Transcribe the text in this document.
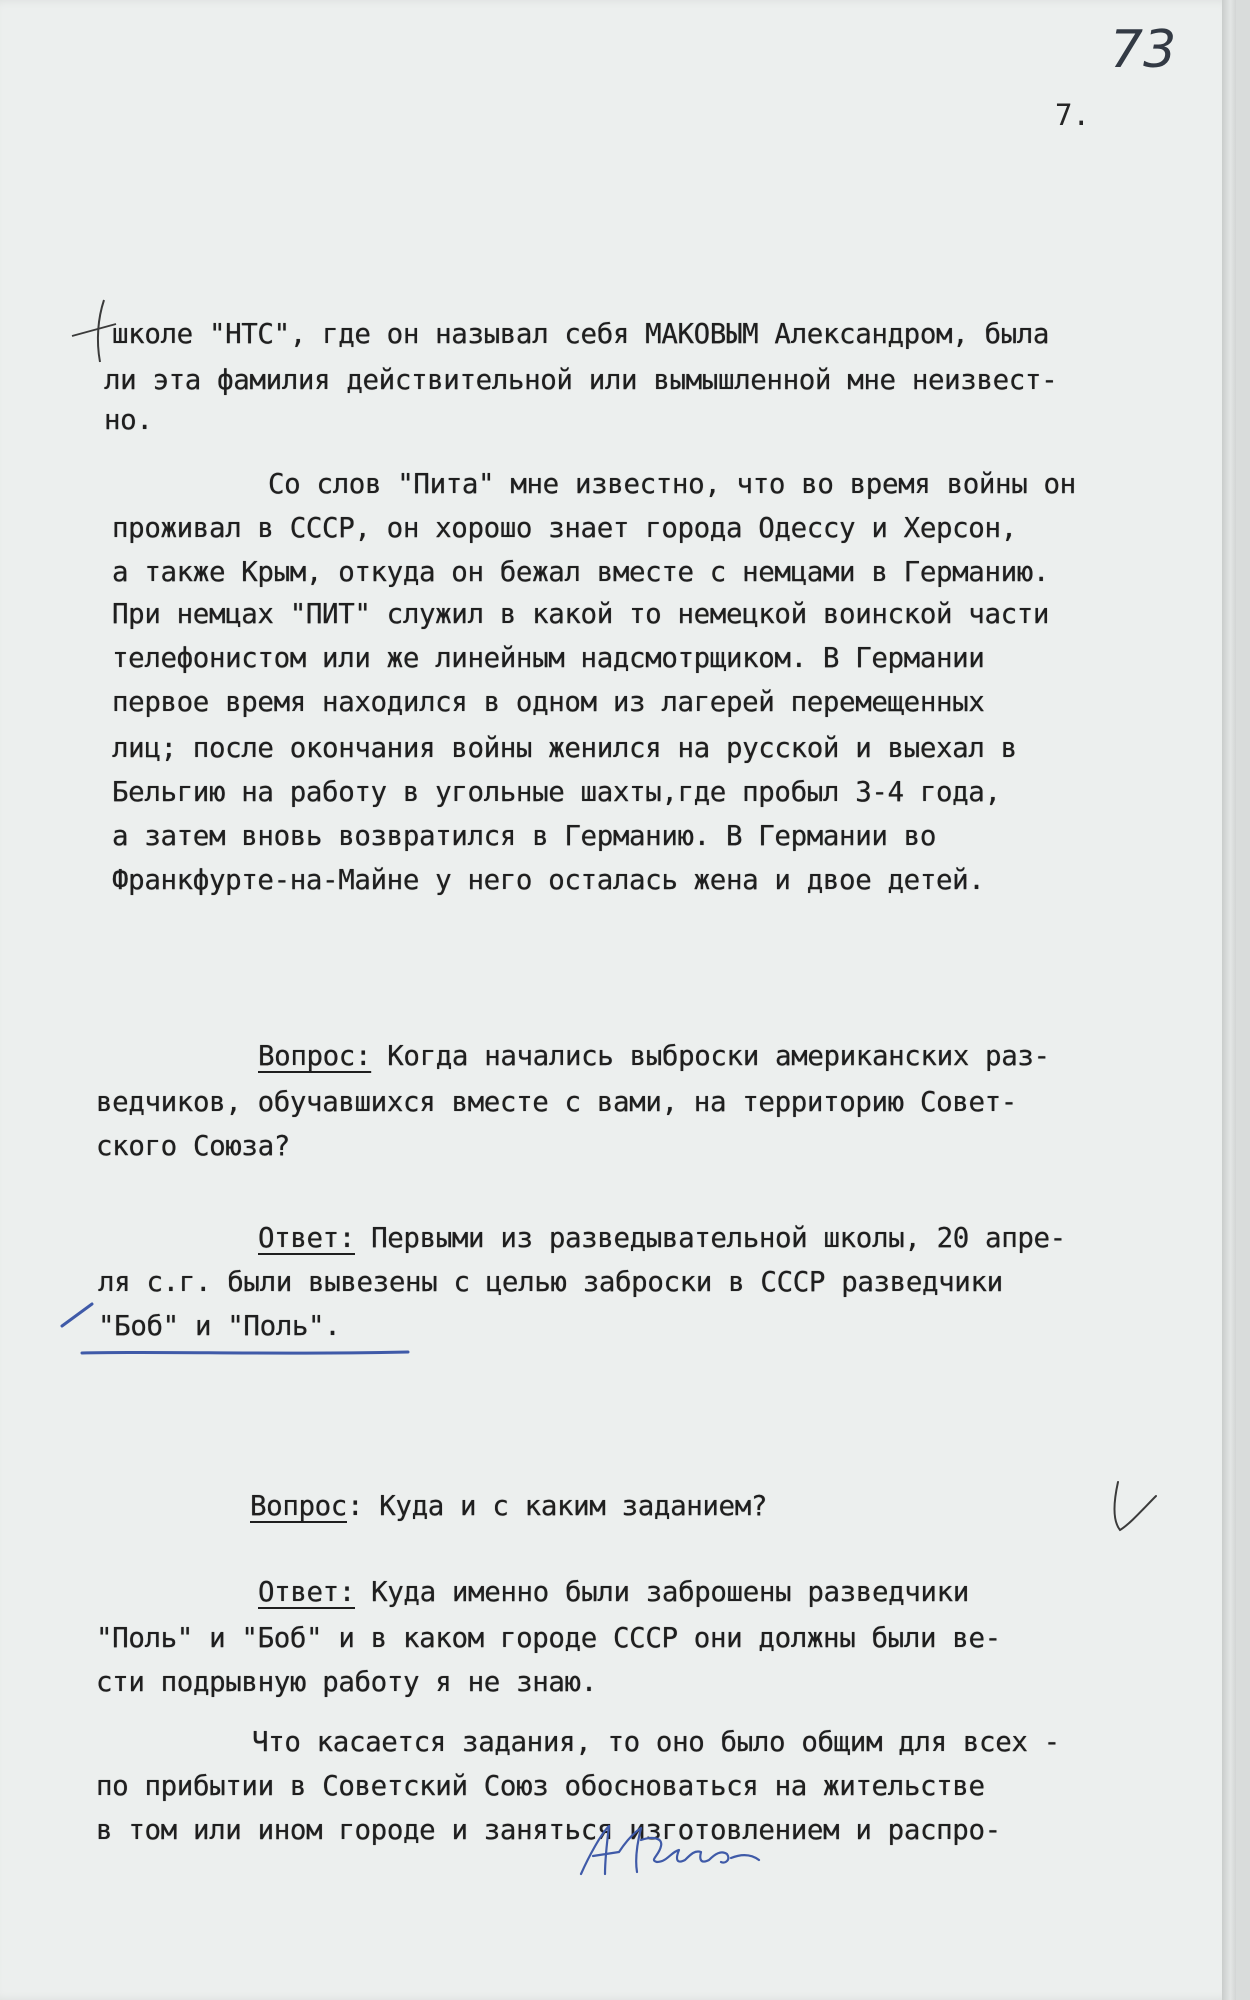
73
7.
школе "НТС", где он называл себя МАКОВЫМ Александром, была
ли эта фамилия действительной или вымышленной мне неизвест-
но.
Со слов "Пита" мне известно, что во время войны он
проживал в СССР, он хорошо знает города Одессу и Херсон,
а также Крым, откуда он бежал вместе с немцами в Германию.
При немцах "ПИТ" служил в какой то немецкой воинской части
телефонистом или же линейным надсмотрщиком. В Германии
первое время находился в одном из лагерей перемещенных
лиц; после окончания войны женился на русской и выехал в
Бельгию на работу в угольные шахты,где пробыл 3-4 года,
а затем вновь возвратился в Германию. В Германии во
Франкфурте-на-Майне у него осталась жена и двое детей.
Вопрос: Когда начались выброски американских раз-
ведчиков, обучавшихся вместе с вами, на территорию Совет-
ского Союза?
Ответ: Первыми из разведывательной школы, 20 апре-
ля с.г. были вывезены с целью заброски в СССР разведчики
"Боб" и "Поль".
Вопрос: Куда и с каким заданием?
Ответ: Куда именно были заброшены разведчики
"Поль" и "Боб" и в каком городе СССР они должны были ве-
сти подрывную работу я не знаю.
Что касается задания, то оно было общим для всех -
по прибытии в Советский Союз обосноваться на жительстве
в том или ином городе и заняться изготовлением и распро-
